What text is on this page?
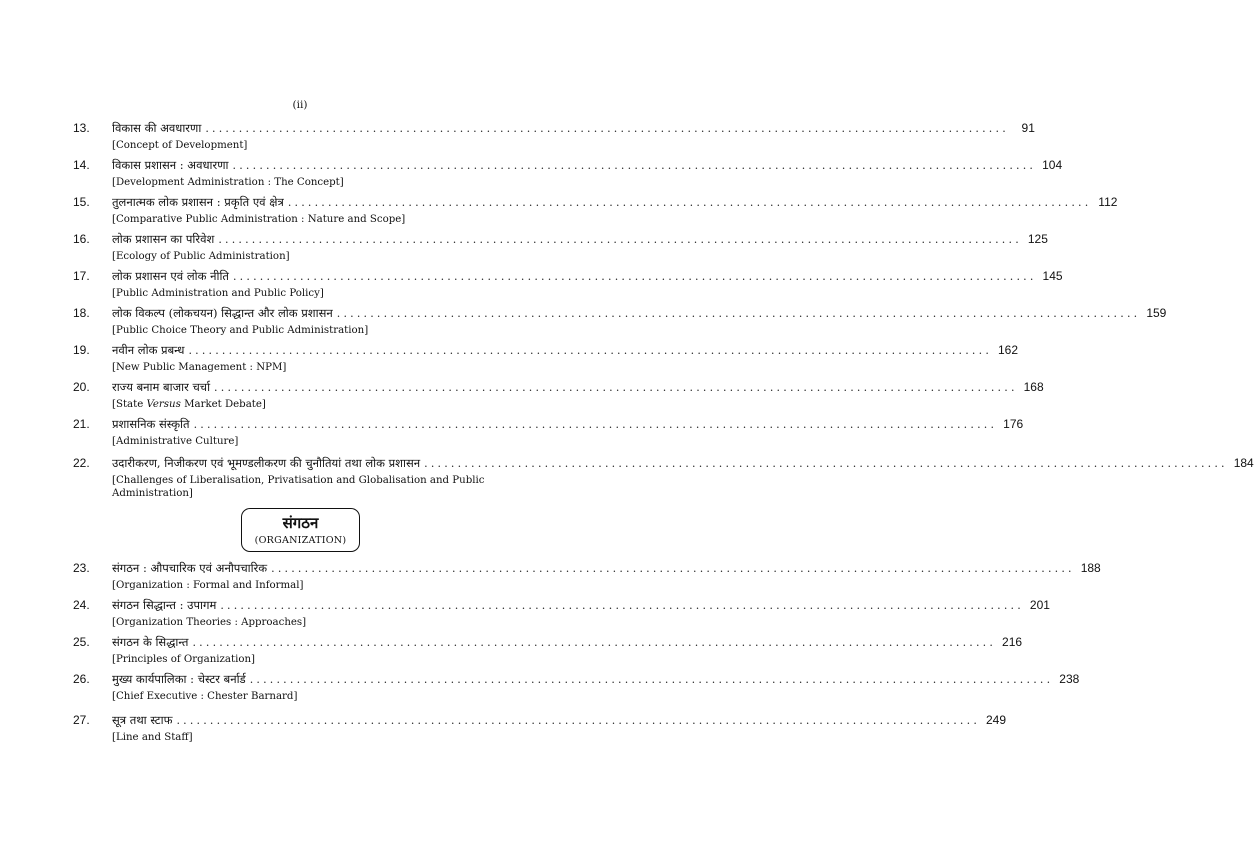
(ii)
13. विकास की अवधारणा ........................................................................................................................	91
[Concept of Development]
14. विकास प्रशासन : अवधारणा ........................................................................................................................ 104
[Development Administration : The Concept]
15. तुलनात्मक लोक प्रशासन : प्रकृति एवं क्षेत्र ........................................................................................................................ 112
[Comparative Public Administration : Nature and Scope]
16. लोक प्रशासन का परिवेश ........................................................................................................................ 125
[Ecology of Public Administration]
17. लोक प्रशासन एवं लोक नीति ........................................................................................................................ 145
[Public Administration and Public Policy]
18. लोक विकल्प (लोकचयन) सिद्धान्त और लोक प्रशासन ........................................................................................................................ 159
[Public Choice Theory and Public Administration]
19. नवीन लोक प्रबन्ध ........................................................................................................................ 162
[New Public Management : NPM]
20. राज्य बनाम बाजार चर्चा ........................................................................................................................ 168
[State Versus Market Debate]
21. प्रशासनिक संस्कृति ........................................................................................................................ 176
[Administrative Culture]
22. उदारीकरण, निजीकरण एवं भूमण्डलीकरण की चुनौतियां तथा लोक प्रशासन ........................................................................................................................ 184
[Challenges of Liberalisation, Privatisation and Globalisation and Public Administration]
संगठन
(ORGANIZATION)
23. संगठन : औपचारिक एवं अनौपचारिक ........................................................................................................................ 188
[Organization : Formal and Informal]
24. संगठन सिद्धान्त : उपागम ........................................................................................................................ 201
[Organization Theories : Approaches]
25. संगठन के सिद्धान्त ........................................................................................................................ 216
[Principles of Organization]
26. मुख्य कार्यपालिका : चेस्टर बर्नार्ड ........................................................................................................................ 238
[Chief Executive : Chester Barnard]
27. सूत्र तथा स्टाफ ........................................................................................................................ 249
[Line and Staff]
